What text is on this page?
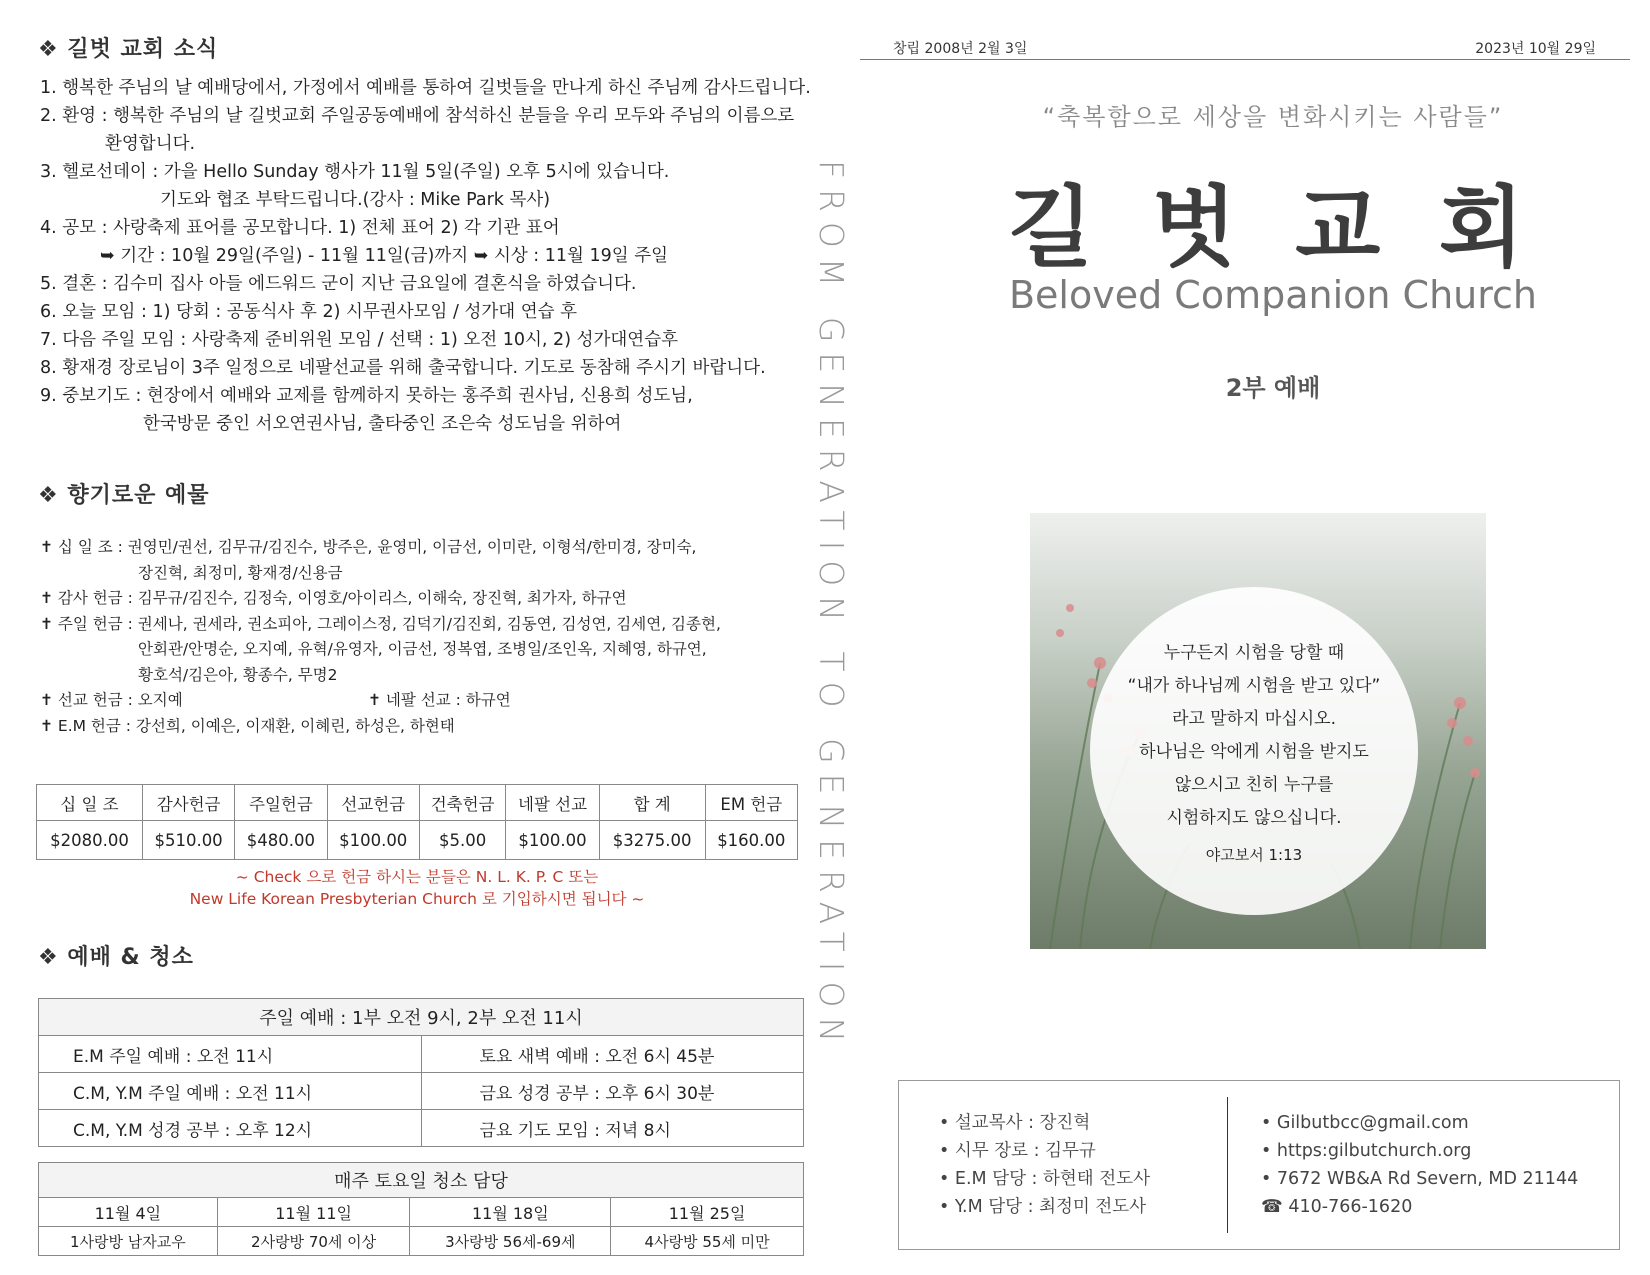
❖ 길벗 교회 소식
1. 행복한 주님의 날 예배당에서, 가정에서 예배를 통하여 길벗들을 만나게 하신 주님께 감사드립니다.
2. 환영 : 행복한 주님의 날 길벗교회 주일공동예배에 참석하신 분들을 우리 모두와 주님의 이름으로
환영합니다.
3. 헬로선데이 : 가을 Hello Sunday 행사가 11월 5일(주일) 오후 5시에 있습니다.
기도와 협조 부탁드립니다.(강사 : Mike Park 목사)
4. 공모 : 사랑축제 표어를 공모합니다. 1) 전체 표어 2) 각 기관 표어
➥ 기간 : 10월 29일(주일) - 11월 11일(금)까지 ➥ 시상 : 11월 19일 주일
5. 결혼 : 김수미 집사 아들 에드워드 군이 지난 금요일에 결혼식을 하였습니다.
6. 오늘 모임 : 1) 당회 : 공동식사 후 2) 시무권사모임 / 성가대 연습 후
7. 다음 주일 모임 : 사랑축제 준비위원 모임 / 선택 : 1) 오전 10시, 2) 성가대연습후
8. 황재경 장로님이 3주 일정으로 네팔선교를 위해 출국합니다. 기도로 동참해 주시기 바랍니다.
9. 중보기도 : 현장에서 예배와 교제를 함께하지 못하는 홍주희 권사님, 신용희 성도님,
한국방문 중인 서오연권사님, 출타중인 조은숙 성도님을 위하여
❖ 향기로운 예물
✝ 십 일 조 : 권영민/권선, 김무규/김진수, 방주은, 윤영미, 이금선, 이미란, 이형석/한미경, 장미숙,
장진혁, 최정미, 황재경/신용금
✝ 감사 헌금 : 김무규/김진수, 김정숙, 이영호/아이리스, 이해숙, 장진혁, 최가자, 하규연
✝ 주일 헌금 : 권세나, 권세라, 권소피아, 그레이스정, 김덕기/김진회, 김동연, 김성연, 김세연, 김종현,
안회관/안명순, 오지예, 유혁/유영자, 이금선, 정복엽, 조병일/조인옥, 지혜영, 하규연,
황호석/김은아, 황종수, 무명2
✝ 선교 헌금 : 오지예	✝ 네팔 선교 : 하규연
✝ E.M 헌금 : 강선희, 이예은, 이재환, 이혜린, 하성은, 하현태
십 일 조	감사헌금	주일헌금	선교헌금	건축헌금	네팔 선교	합 계	EM 헌금
$2080.00	$510.00	$480.00	$100.00	$5.00	$100.00	$3275.00	$160.00
~ Check 으로 헌금 하시는 분들은 N. L. K. P. C 또는
New Life Korean Presbyterian Church 로 기입하시면 됩니다 ~
❖ 예배 & 청소
주일 예배 : 1부 오전 9시, 2부 오전 11시	
E.M 주일 예배 : 오전 11시	토요 새벽 예배 : 오전 6시 45분
C.M, Y.M 주일 예배 : 오전 11시	금요 성경 공부 : 오후 6시 30분
C.M, Y.M 성경 공부 : 오후 12시	금요 기도 모임 : 저녁 8시
매주 토요일 청소 담당			
11월 4일	11월 11일	11월 18일	11월 25일
1사랑방 남자교우	2사랑방 70세 이상	3사랑방 56세-69세	4사랑방 55세 미만
FROM GENERATION TO GENERATION
창립 2008년 2월 3일	2023년 10월 29일
“축복함으로 세상을 변화시키는 사람들”
길 벗 교 회
Beloved Companion Church
2부 예배
누구든지 시험을 당할 때
“내가 하나님께 시험을 받고 있다”
라고 말하지 마십시오.
하나님은 악에게 시험을 받지도
않으시고 친히 누구를
시험하지도 않으십니다.
야고보서 1:13
• 설교목사 : 장진혁
• 시무 장로 : 김무규
• E.M 담당 : 하현태 전도사
• Y.M 담당 : 최정미 전도사
• Gilbutbcc@gmail.com
• https:gilbutchurch.org
• 7672 WB&A Rd Severn, MD 21144
☎ 410-766-1620
